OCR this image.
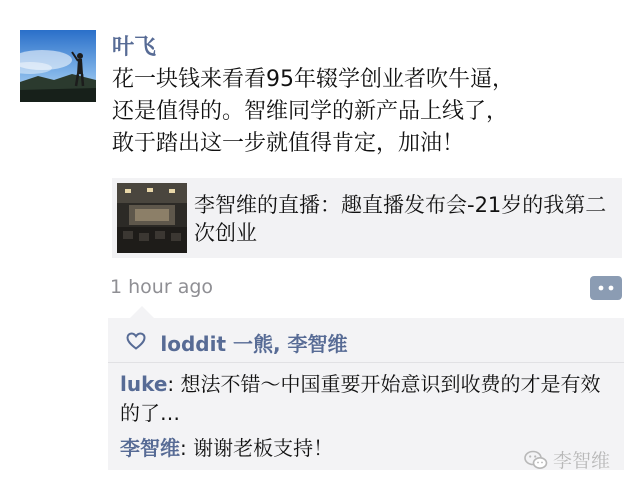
叶飞
花一块钱来看看95年辍学创业者吹牛逼，
还是值得的。智维同学的新产品上线了，
敢于踏出这一步就值得肯定，加油！
李智维的直播：趣直播发布会-21岁的我第二次创业
1 hour ago
loddit 一熊, 李智维
luke: 想法不错～中国重要开始意识到收费的才是有效的了…
李智维: 谢谢老板支持！
李智维
